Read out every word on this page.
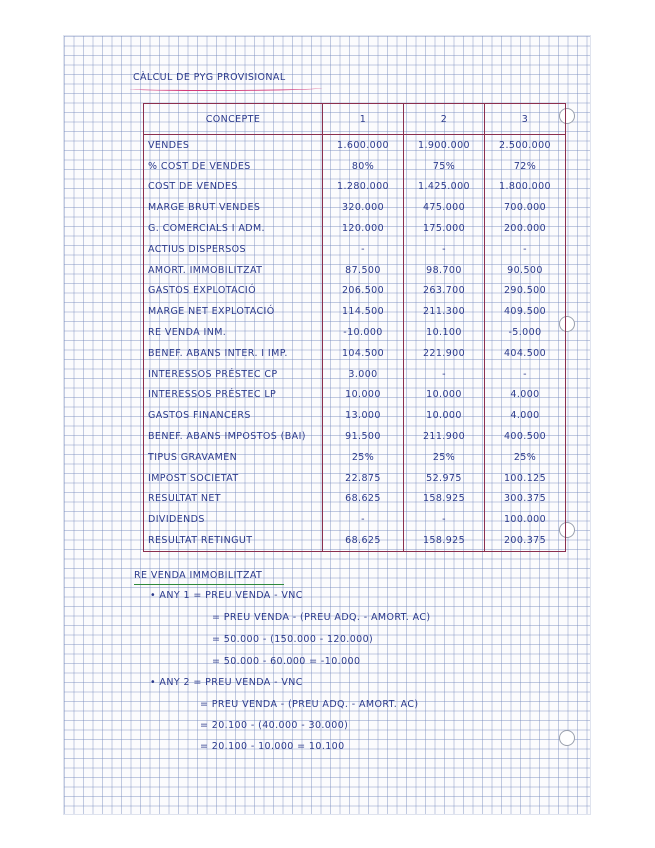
CÀLCUL DE PYG PROVISIONAL
CONCEPTE	1	2	3
VENDES	1.600.000	1.900.000	2.500.000
% COST DE VENDES	80%	75%	72%
COST DE VENDES	1.280.000	1.425.000	1.800.000
MARGE BRUT VENDES	320.000	475.000	700.000
G. COMERCIALS I ADM.	120.000	175.000	200.000
ACTIUS DISPERSOS	-	-	-
AMORT. IMMOBILITZAT	87.500	98.700	90.500
GASTOS EXPLOTACIÓ	206.500	263.700	290.500
MARGE NET EXPLOTACIÓ	114.500	211.300	409.500
RE VENDA INM.	-10.000	10.100	-5.000
BENEF. ABANS INTER. I IMP.	104.500	221.900	404.500
INTERESSOS PRÉSTEC CP	3.000	-	-
INTERESSOS PRÉSTEC LP	10.000	10.000	4.000
GASTOS FINANCERS	13.000	10.000	4.000
BENEF. ABANS IMPOSTOS (BAI)	91.500	211.900	400.500
TIPUS GRAVAMEN	25%	25%	25%
IMPOST SOCIETAT	22.875	52.975	100.125
RESULTAT NET	68.625	158.925	300.375
DIVIDENDS	-	-	100.000
RESULTAT RETINGUT	68.625	158.925	200.375
RE VENDA IMMOBILITZAT
• ANY 1 = PREU VENDA - VNC
= PREU VENDA - (PREU ADQ. - AMORT. AC)
= 50.000 - (150.000 - 120.000)
= 50.000 - 60.000 = -10.000
• ANY 2 = PREU VENDA - VNC
= PREU VENDA - (PREU ADQ. - AMORT. AC)
= 20.100 - (40.000 - 30.000)
= 20.100 - 10.000 = 10.100
